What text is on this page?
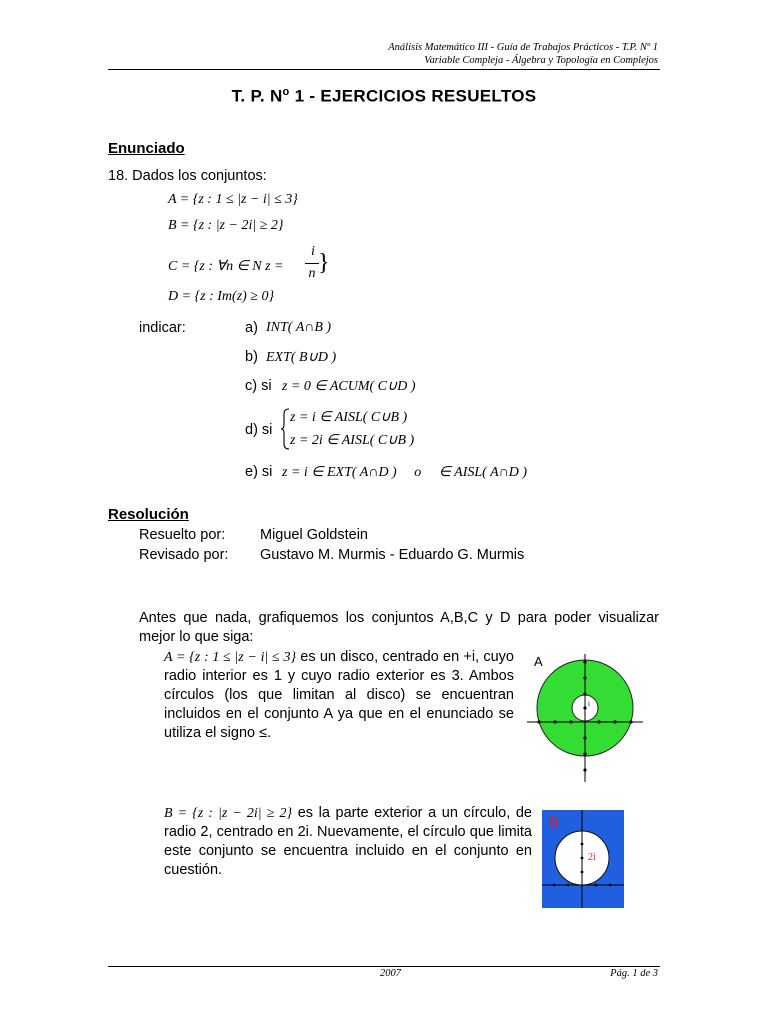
Análisis Matemático III - Guía de Trabajos Prácticos - T.P. Nº 1
Variable Compleja - Álgebra y Topología en Complejos
T. P. $N^o$ 1 - EJERCICIOS RESUELTOS
Enunciado
18. Dados los conjuntos:
A = {z : 1 ≤ |z − i| ≤ 3}
B = {z : |z − 2i| ≥ 2}
C = {z : ∀n ∈ N z =
i
n }
D = {z : Im(z) ≥ 0}
indicar:	a) INT( A∩B )
b) EXT( B∪D )
c) si z = 0 ∈ ACUM( C∪D )
d) si
z = i ∈ AISL( C∪B )
z = 2i ∈ AISL( C∪B )
e) si z = i ∈ EXT( A∩D )     o     ∈ AISL( A∩D )
Resolución
Resuelto por: Miguel Goldstein
Revisado por: Gustavo M. Murmis - Eduardo G. Murmis
Antes que nada, grafiquemos los conjuntos A,B,C y D para poder visualizar mejor lo que siga:
A = {z : 1 ≤ |z − i| ≤ 3} es un disco, centrado en +i, cuyo radio interior es 1 y cuyo radio exterior es 3. Ambos círculos (los que limitan al disco) se encuentran incluidos en el conjunto A ya que en el enunciado se utiliza el signo ≤.
B = {z : |z − 2i| ≥ 2} es la parte exterior a un círculo, de radio 2, centrado en 2i. Nuevamente, el círculo que limita este conjunto se encuentra incluido en el conjunto en cuestión.
A
i
B
2i
2007	Pág. 1 de 3
